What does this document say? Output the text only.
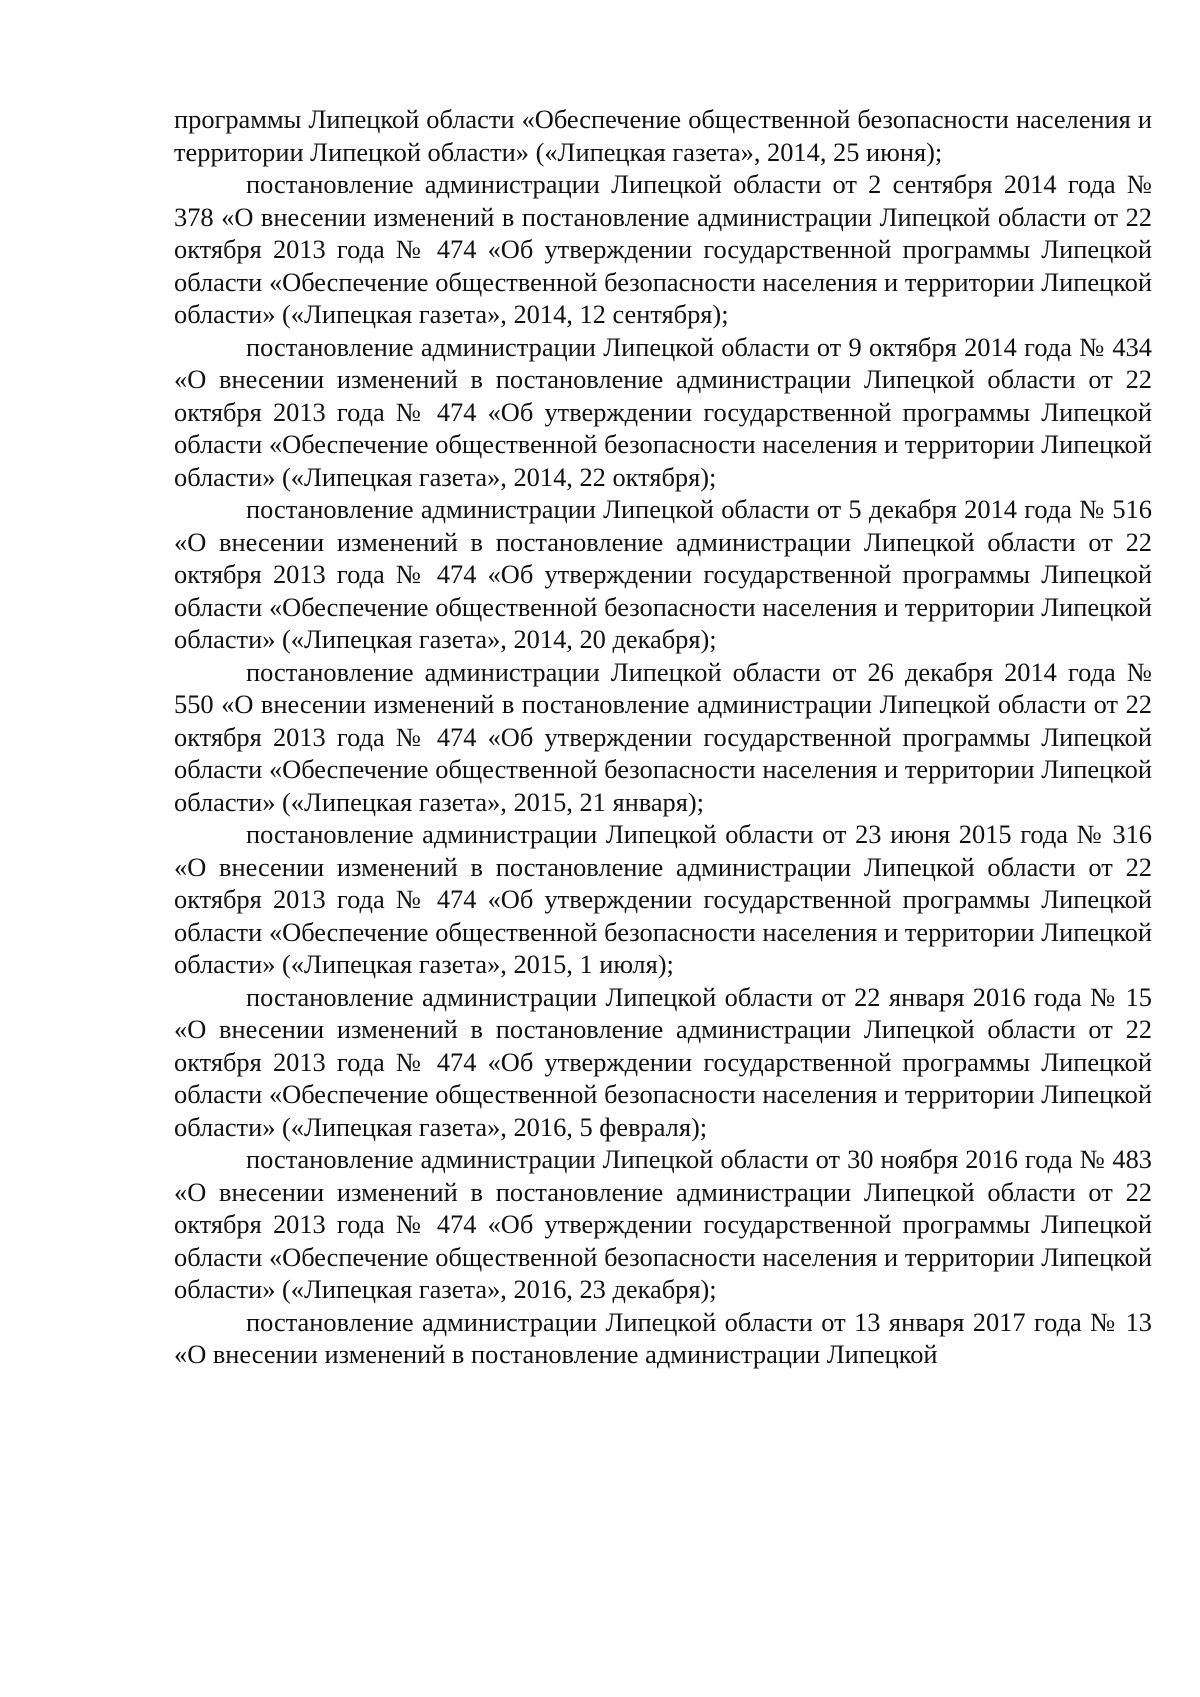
программы Липецкой области «Обеспечение общественной безопасности населения и территории Липецкой области» («Липецкая газета», 2014, 25 июня);

постановление администрации Липецкой области от 2 сентября 2014 года № 378 «О внесении изменений в постановление администрации Липецкой области от 22 октября 2013 года № 474 «Об утверждении государственной программы Липецкой области «Обеспечение общественной безопасности населения и территории Липецкой области» («Липецкая газета», 2014, 12 сентября);

постановление администрации Липецкой области от 9 октября 2014 года № 434 «О внесении изменений в постановление администрации Липецкой области от 22 октября 2013 года № 474 «Об утверждении государственной программы Липецкой области «Обеспечение общественной безопасности населения и территории Липецкой области» («Липецкая газета», 2014, 22 октября);

постановление администрации Липецкой области от 5 декабря 2014 года № 516 «О внесении изменений в постановление администрации Липецкой области от 22 октября 2013 года № 474 «Об утверждении государственной программы Липецкой области «Обеспечение общественной безопасности населения и территории Липецкой области» («Липецкая газета», 2014, 20 декабря);

постановление администрации Липецкой области от 26 декабря 2014 года № 550 «О внесении изменений в постановление администрации Липецкой области от 22 октября 2013 года № 474 «Об утверждении государственной программы Липецкой области «Обеспечение общественной безопасности населения и территории Липецкой области» («Липецкая газета», 2015, 21 января);

постановление администрации Липецкой области от 23 июня 2015 года № 316 «О внесении изменений в постановление администрации Липецкой области от 22 октября 2013 года № 474 «Об утверждении государственной программы Липецкой области «Обеспечение общественной безопасности населения и территории Липецкой области» («Липецкая газета», 2015, 1 июля);

постановление администрации Липецкой области от 22 января 2016 года № 15 «О внесении изменений в постановление администрации Липецкой области от 22 октября 2013 года № 474 «Об утверждении государственной программы Липецкой области «Обеспечение общественной безопасности населения и территории Липецкой области» («Липецкая газета», 2016, 5 февраля);

постановление администрации Липецкой области от 30 ноября 2016 года № 483 «О внесении изменений в постановление администрации Липецкой области от 22 октября 2013 года № 474 «Об утверждении государственной программы Липецкой области «Обеспечение общественной безопасности населения и территории Липецкой области» («Липецкая газета», 2016, 23 декабря);

постановление администрации Липецкой области от 13 января 2017 года № 13 «О внесении изменений в постановление администрации Липецкой
